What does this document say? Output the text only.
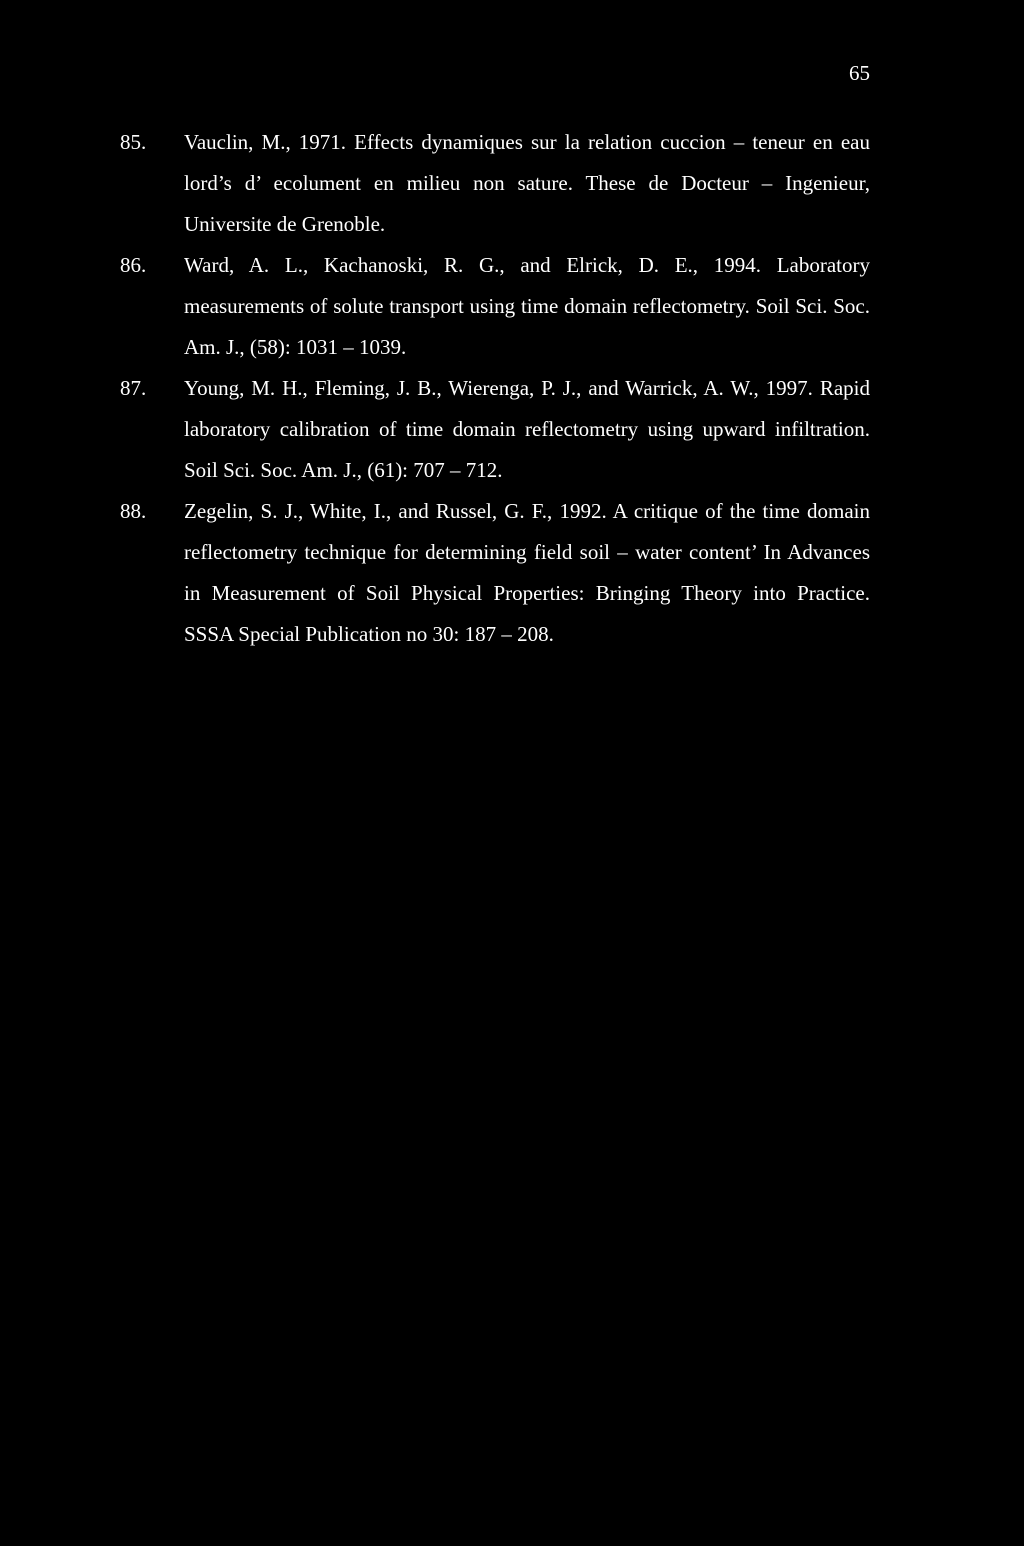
65
85.	Vauclin, M., 1971. Effects dynamiques sur la relation cuccion – teneur en eau lord’s d’ ecolument en milieu non sature. These de Docteur – Ingenieur, Universite de Grenoble.
86.	Ward, A. L., Kachanoski, R. G., and Elrick, D. E., 1994. Laboratory measurements of solute transport using time domain reflectometry. Soil Sci. Soc. Am. J., (58): 1031 – 1039.
87.	Young, M. H., Fleming, J. B., Wierenga, P. J., and Warrick, A. W., 1997. Rapid laboratory calibration of time domain reflectometry using upward infiltration. Soil Sci. Soc. Am. J., (61): 707 – 712.
88.	Zegelin, S. J., White, I., and Russel, G. F., 1992. A critique of the time domain reflectometry technique for determining field soil – water content’ In Advances in Measurement of Soil Physical Properties: Bringing Theory into Practice. SSSA Special Publication no 30: 187 – 208.
